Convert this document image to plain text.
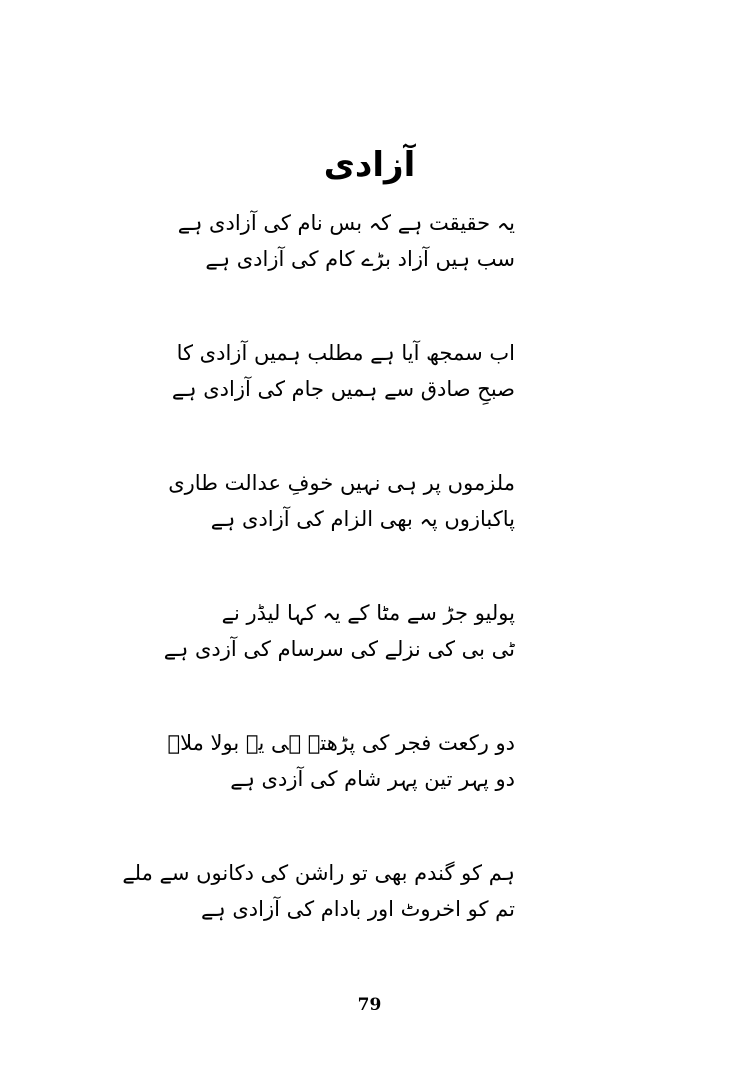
آزادی
یہ حقیقت ہے کہ بس نام کی آزادی ہے
سب ہیں آزاد بڑے کام کی آزادی ہے
اب سمجھ آیا ہے مطلب ہمیں آزادی کا
صبحِ صادق سے ہمیں جام کی آزادی ہے
ملزموں پر ہی نہیں خوفِ عدالت طاری
پاکبازوں پہ بھی الزام کی آزادی ہے
پولیو جڑ سے مٹا کے یہ کہا لیڈر نے
ٹی بی کی نزلے کی سرسام کی آزدی ہے
دو رکعت فجر کی پڑھتے ہی یہ بولا ملاؔ
دو پہر تین پہر شام کی آزدی ہے
ہم کو گندم بھی تو راشن کی دکانوں سے ملے
تم کو اخروٹ اور بادام کی آزادی ہے
79
